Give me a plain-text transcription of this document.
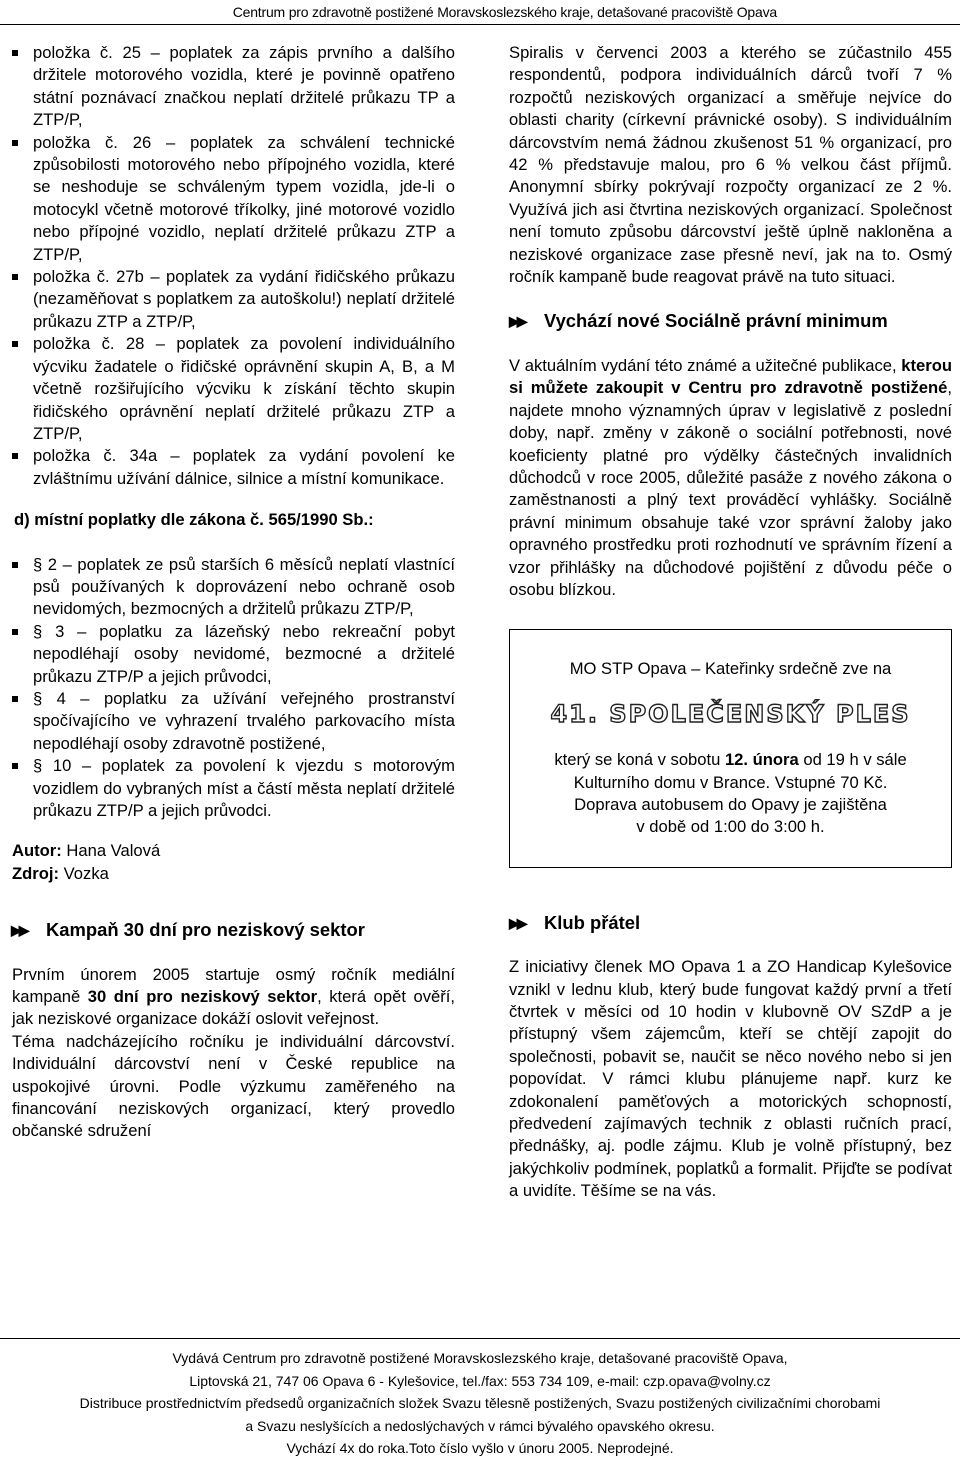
Centrum pro zdravotně postižené Moravskoslezského kraje, detašované pracoviště Opava
položka č. 25 – poplatek za zápis prvního a dalšího držitele motorového vozidla, které je povinně opatřeno státní poznávací značkou neplatí držitelé průkazu TP a ZTP/P,
položka č. 26 – poplatek za schválení technické způsobilosti motorového nebo přípojného vozidla, které se neshoduje se schváleným typem vozidla, jde-li o motocykl včetně motorové tříkolky, jiné motorové vozidlo nebo přípojné vozidlo, neplatí držitelé průkazu ZTP a ZTP/P,
položka č. 27b – poplatek za vydání řidičského průkazu (nezaměňovat s poplatkem za autoškolu!) neplatí držitelé průkazu ZTP a ZTP/P,
položka č. 28 – poplatek za povolení individuálního výcviku žadatele o řidičské oprávnění skupin A, B, a M včetně rozšiřujícího výcviku k získání těchto skupin řidičského oprávnění neplatí držitelé průkazu ZTP a ZTP/P,
položka č. 34a – poplatek za vydání povolení ke zvláštnímu užívání dálnice, silnice a místní komunikace.
d) místní poplatky dle zákona č. 565/1990 Sb.:
§ 2 – poplatek ze psů starších 6 měsíců neplatí vlastnící psů používaných k doprovázení nebo ochraně osob nevidomých, bezmocných a držitelů průkazu ZTP/P,
§ 3 – poplatku za lázeňský nebo rekreační pobyt nepodléhají osoby nevidomé, bezmocné a držitelé průkazu ZTP/P a jejich průvodci,
§ 4 – poplatku za užívání veřejného prostranství spočívajícího ve vyhrazení trvalého parkovacího místa nepodléhají osoby zdravotně postižené,
§ 10 – poplatek za povolení k vjezdu s motorovým vozidlem do vybraných míst a částí města neplatí držitelé průkazu ZTP/P a jejich průvodci.
Autor: Hana Valová
Zdroj: Vozka
▶▶	Kampaň 30 dní pro neziskový sektor
Prvním únorem 2005 startuje osmý ročník mediální kampaně 30 dní pro neziskový sektor, která opět ověří, jak neziskové organizace dokáží oslovit veřejnost.
Téma nadcházejícího ročníku je individuální dárcovství. Individuální dárcovství není v České republice na uspokojivé úrovni. Podle výzkumu zaměřeného na financování neziskových organizací, který provedlo občanské sdružení
Spiralis v červenci 2003 a kterého se zúčastnilo 455 respondentů, podpora individuálních dárců tvoří 7 % rozpočtů neziskových organizací a směřuje nejvíce do oblasti charity (církevní právnické osoby). S individuálním dárcovstvím nemá žádnou zkušenost 51 % organizací, pro 42 % představuje malou, pro 6 % velkou část příjmů. Anonymní sbírky pokrývají rozpočty organizací ze 2 %. Využívá jich asi čtvrtina neziskových organizací. Společnost není tomuto způsobu dárcovství ještě úplně nakloněna a neziskové organizace zase přesně neví, jak na to. Osmý ročník kampaně bude reagovat právě na tuto situaci.
▶▶	Vychází nové Sociálně právní minimum
V aktuálním vydání této známé a užitečné publikace, kterou si můžete zakoupit v Centru pro zdravotně postižené, najdete mnoho významných úprav v legislativě z poslední doby, např. změny v zákoně o sociální potřebnosti, nové koeficienty platné pro výdělky částečných invalidních důchodců v roce 2005, důležité pasáže z nového zákona o zaměstnanosti a plný text prováděcí vyhlášky. Sociálně právní minimum obsahuje také vzor správní žaloby jako opravného prostředku proti rozhodnutí ve správním řízení a vzor přihlášky na důchodové pojištění z důvodu péče o osobu blízkou.
MO STP Opava – Kateřinky srdečně zve na
41. SPOLEČENSKÝ PLES
který se koná v sobotu 12. února od 19 h v sále
Kulturního domu v Brance. Vstupné 70 Kč.
Doprava autobusem do Opavy je zajištěna
v době od 1:00 do 3:00 h.
▶▶	Klub přátel
Z iniciativy členek MO Opava 1 a ZO Handicap Kylešovice vznikl v lednu klub, který bude fungovat každý první a třetí čtvrtek v měsíci od 10 hodin v klubovně OV SZdP a je přístupný všem zájemcům, kteří se chtějí zapojit do společnosti, pobavit se, naučit se něco nového nebo si jen popovídat. V rámci klubu plánujeme např. kurz ke zdokonalení paměťových a motorických schopností, předvedení zajímavých technik z oblasti ručních prací, přednášky, aj. podle zájmu. Klub je volně přístupný, bez jakýchkoliv podmínek, poplatků a formalit. Přijďte se podívat a uvidíte. Těšíme se na vás.
Vydává Centrum pro zdravotně postižené Moravskoslezského kraje, detašované pracoviště Opava,
Liptovská 21, 747 06 Opava 6 - Kylešovice, tel./fax: 553 734 109, e-mail: czp.opava@volny.cz
Distribuce prostřednictvím předsedů organizačních složek Svazu tělesně postižených, Svazu postižených civilizačními chorobami
a Svazu neslyšících a nedoslýchavých v rámci bývalého opavského okresu.
Vychází 4x do roka.Toto číslo vyšlo v únoru 2005. Neprodejné.
